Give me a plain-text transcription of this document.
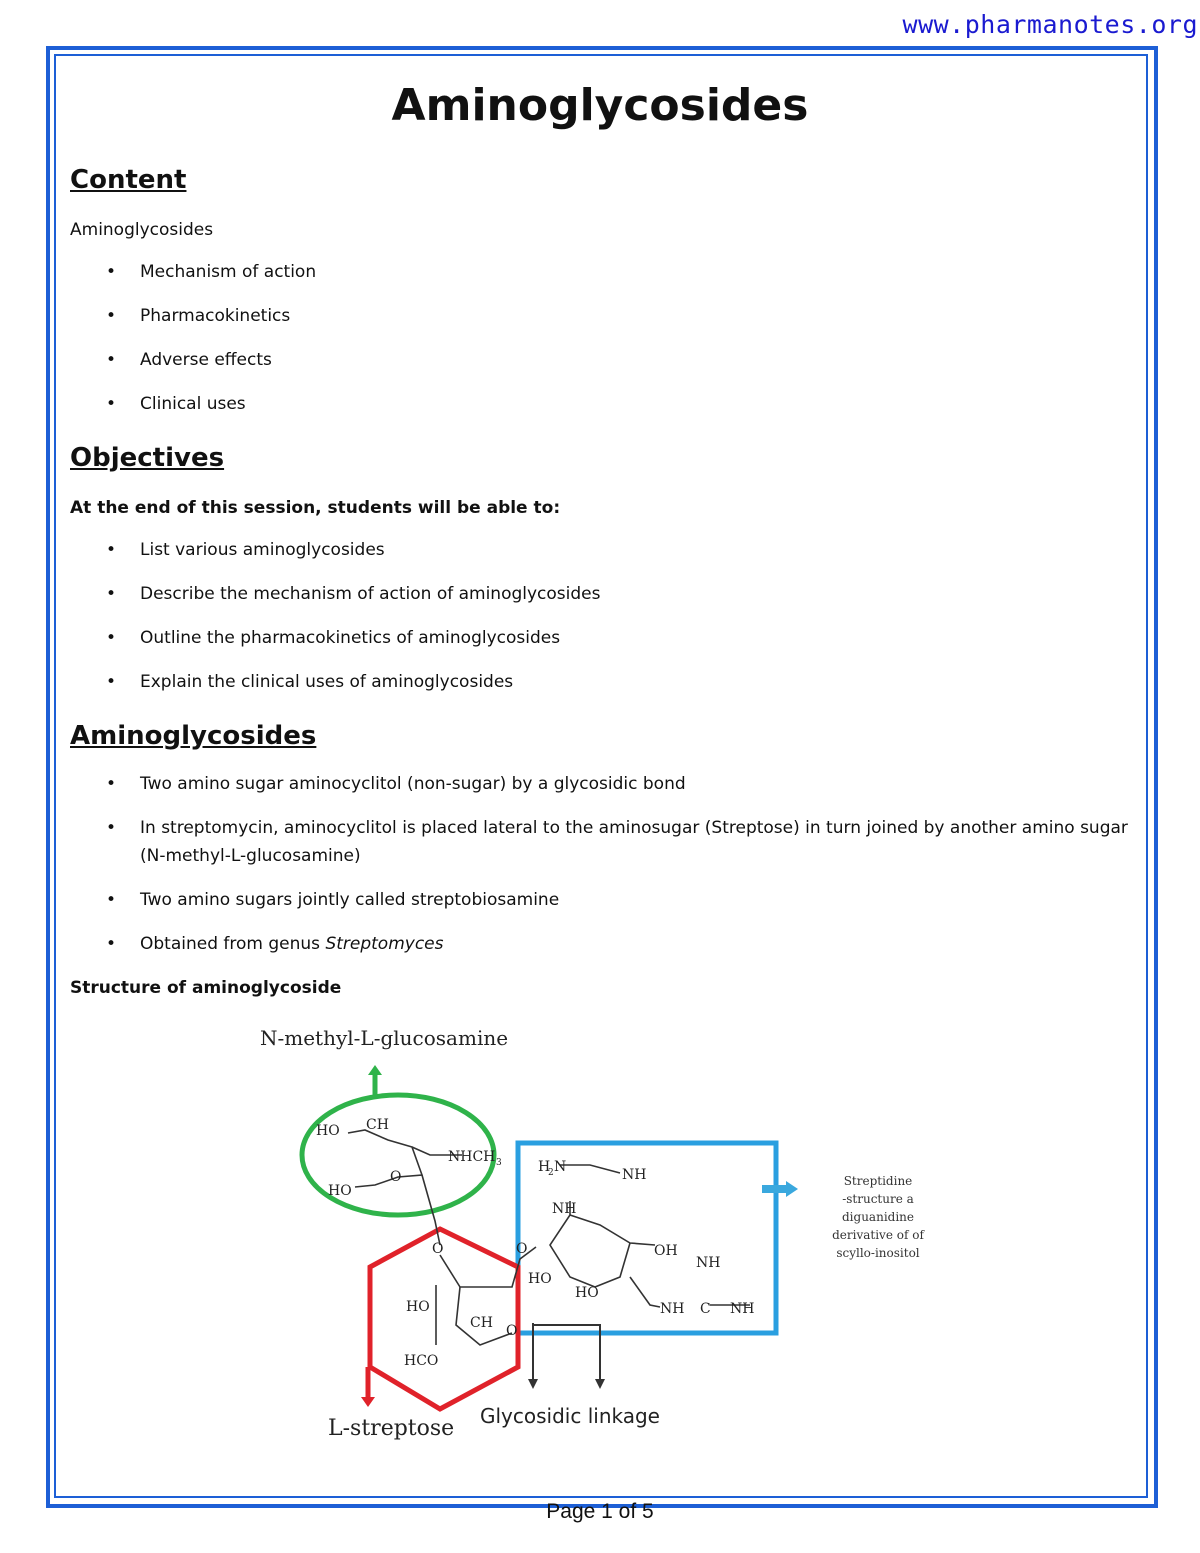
www.pharmanotes.org
Aminoglycosides
Content
Aminoglycosides
• Mechanism of action
• Pharmacokinetics
• Adverse effects
• Clinical uses
Objectives
At the end of this session, students will be able to:
• List various aminoglycosides
• Describe the mechanism of action of aminoglycosides
• Outline the pharmacokinetics of aminoglycosides
• Explain the clinical uses of aminoglycosides
Aminoglycosides
• Two amino sugar aminocyclitol (non-sugar) by a glycosidic bond
• In streptomycin, aminocyclitol is placed lateral to the aminosugar (Streptose) in turn joined by another amino sugar (N-methyl-L-glucosamine)
• Two amino sugars jointly called streptobiosamine
• Obtained from genus Streptomyces
Structure of aminoglycoside
N-methyl-L-glucosamine
HO CH
NHCH 3
HO
O
H
2 N	NH
NH
O	OH
NH
HO
HO
HO	NH C NH
O
CH
HCO
O
L-streptose Glycosidic linkage
Streptidine
-structure a
diguanidine
derivative of of
scyllo-inositol
Page 1 of 5
